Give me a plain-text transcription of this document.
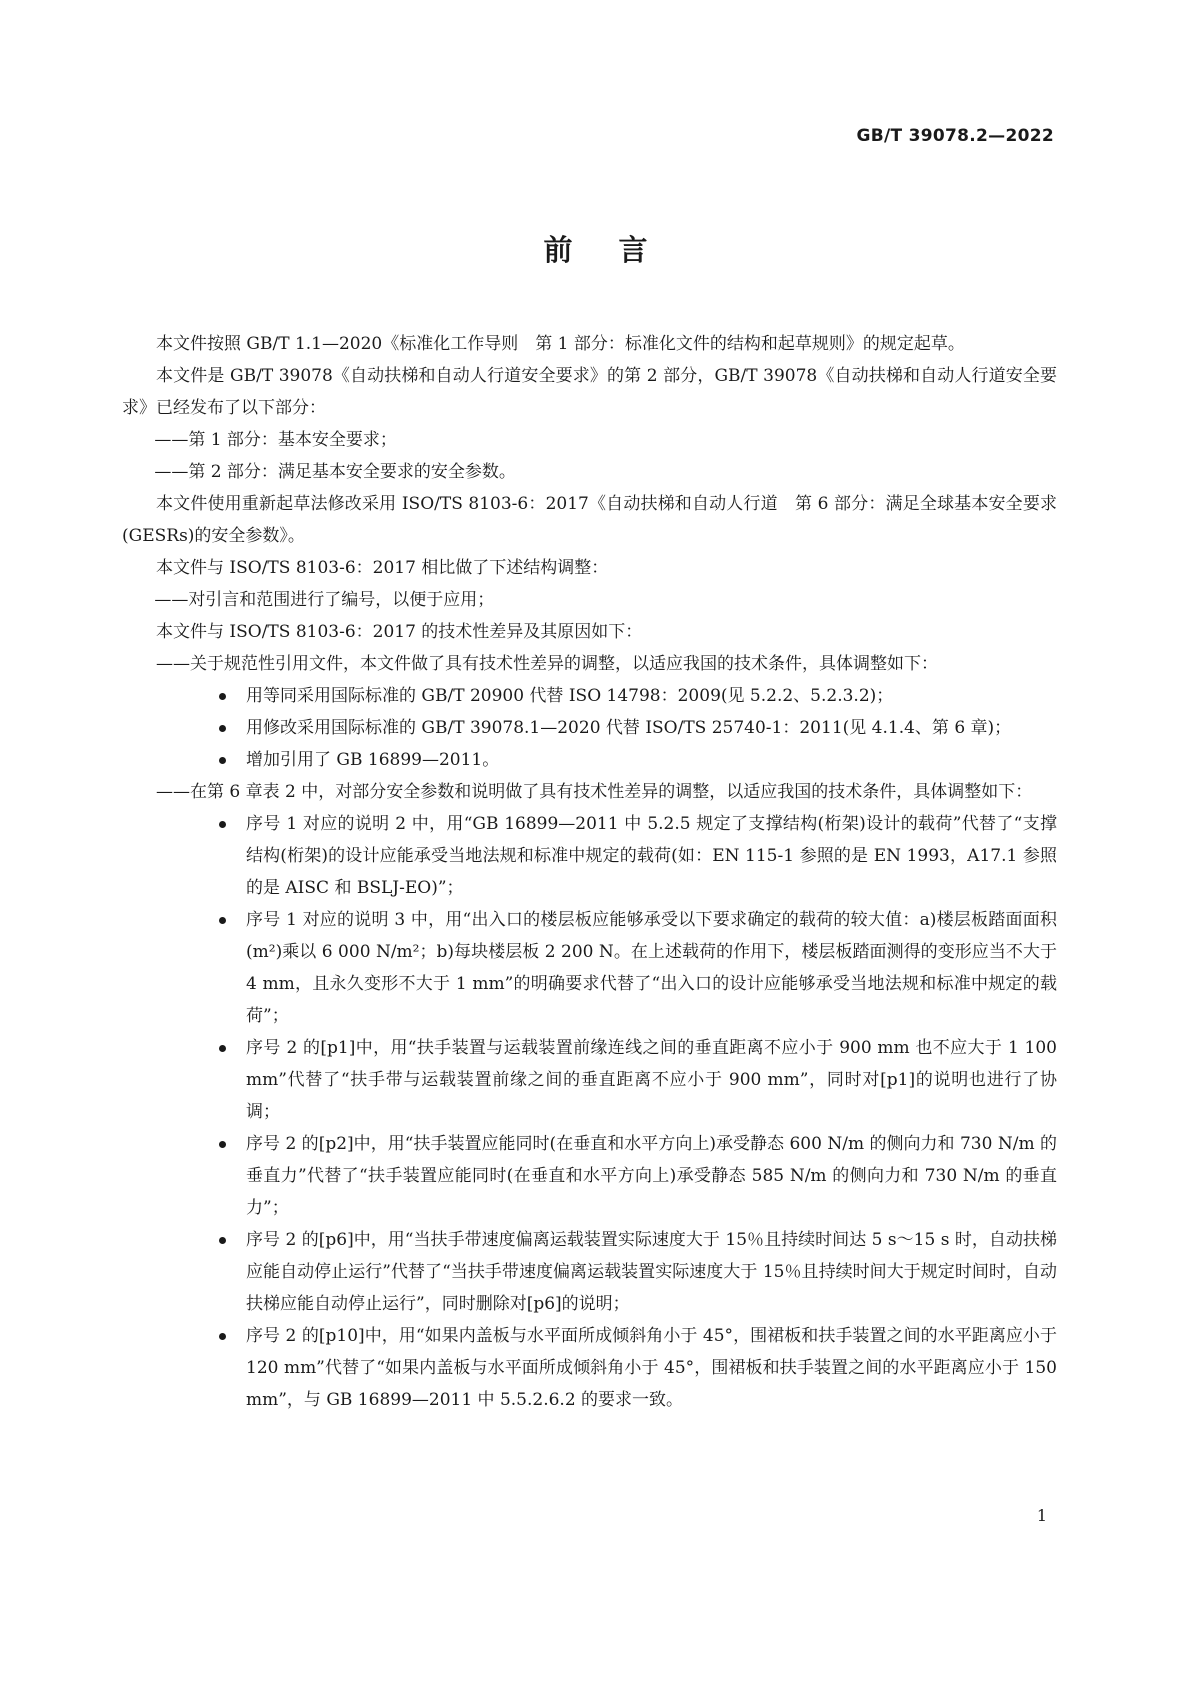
GB/T 39078.2—2022
前言

本文件按照 GB/T 1.1—2020《标准化工作导则　第 1 部分：标准化文件的结构和起草规则》的规定起草。

本文件是 GB/T 39078《自动扶梯和自动人行道安全要求》的第 2 部分，GB/T 39078《自动扶梯和自动人行道安全要求》已经发布了以下部分：

——第 1 部分：基本安全要求；

——第 2 部分：满足基本安全要求的安全参数。

本文件使用重新起草法修改采用 ISO/TS 8103-6：2017《自动扶梯和自动人行道　第 6 部分：满足全球基本安全要求(GESRs)的安全参数》。

本文件与 ISO/TS 8103-6：2017 相比做了下述结构调整：

——对引言和范围进行了编号，以便于应用；

本文件与 ISO/TS 8103-6：2017 的技术性差异及其原因如下：

——关于规范性引用文件，本文件做了具有技术性差异的调整，以适应我国的技术条件，具体调整如下：

用等同采用国际标准的 GB/T 20900 代替 ISO 14798：2009(见 5.2.2、5.2.3.2)；
用修改采用国际标准的 GB/T 39078.1—2020 代替 ISO/TS 25740-1：2011(见 4.1.4、第 6 章)；
增加引用了 GB 16899—2011。

——在第 6 章表 2 中，对部分安全参数和说明做了具有技术性差异的调整，以适应我国的技术条件，具体调整如下：

序号 1 对应的说明 2 中，用“GB 16899—2011 中 5.2.5 规定了支撑结构(桁架)设计的载荷”代替了“支撑结构(桁架)的设计应能承受当地法规和标准中规定的载荷(如：EN 115-1 参照的是 EN 1993，A17.1 参照的是 AISC 和 BSLJ-EO)”；
序号 1 对应的说明 3 中，用“出入口的楼层板应能够承受以下要求确定的载荷的较大值：a)楼层板踏面面积(m²)乘以 6 000 N/m²；b)每块楼层板 2 200 N。在上述载荷的作用下，楼层板踏面测得的变形应当不大于 4 mm，且永久变形不大于 1 mm”的明确要求代替了“出入口的设计应能够承受当地法规和标准中规定的载荷”；
序号 2 的[p1]中，用“扶手装置与运载装置前缘连线之间的垂直距离不应小于 900 mm 也不应大于 1 100 mm”代替了“扶手带与运载装置前缘之间的垂直距离不应小于 900 mm”，同时对[p1]的说明也进行了协调；
序号 2 的[p2]中，用“扶手装置应能同时(在垂直和水平方向上)承受静态 600 N/m 的侧向力和 730 N/m 的垂直力”代替了“扶手装置应能同时(在垂直和水平方向上)承受静态 585 N/m 的侧向力和 730 N/m 的垂直力”；
序号 2 的[p6]中，用“当扶手带速度偏离运载装置实际速度大于 15％且持续时间达 5 s～15 s 时，自动扶梯应能自动停止运行”代替了“当扶手带速度偏离运载装置实际速度大于 15％且持续时间大于规定时间时，自动扶梯应能自动停止运行”，同时删除对[p6]的说明；
序号 2 的[p10]中，用“如果内盖板与水平面所成倾斜角小于 45°，围裙板和扶手装置之间的水平距离应小于 120 mm”代替了“如果内盖板与水平面所成倾斜角小于 45°，围裙板和扶手装置之间的水平距离应小于 150 mm”，与 GB 16899—2011 中 5.5.2.6.2 的要求一致。
1
